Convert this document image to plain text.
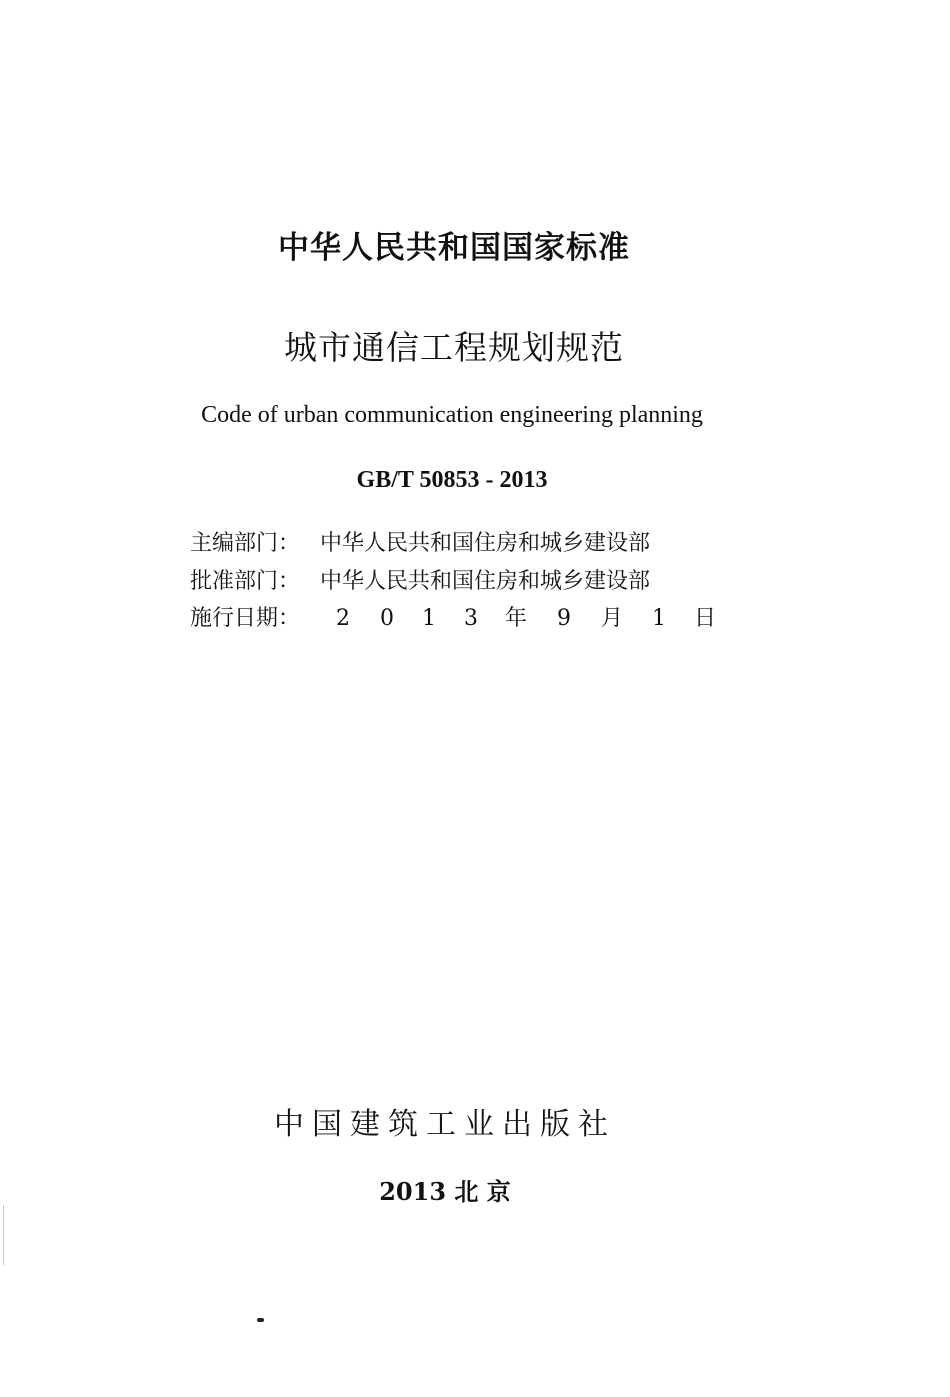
中华人民共和国国家标准
城市通信工程规划规范
Code of urban communication engineering planning
GB/T 50853 - 2013
主编部门： 中华人民共和国住房和城乡建设部
批准部门： 中华人民共和国住房和城乡建设部
施行日期： 2 0 1 3 年 9 月 1 日
中国建筑工业出版社
2013 北 京
